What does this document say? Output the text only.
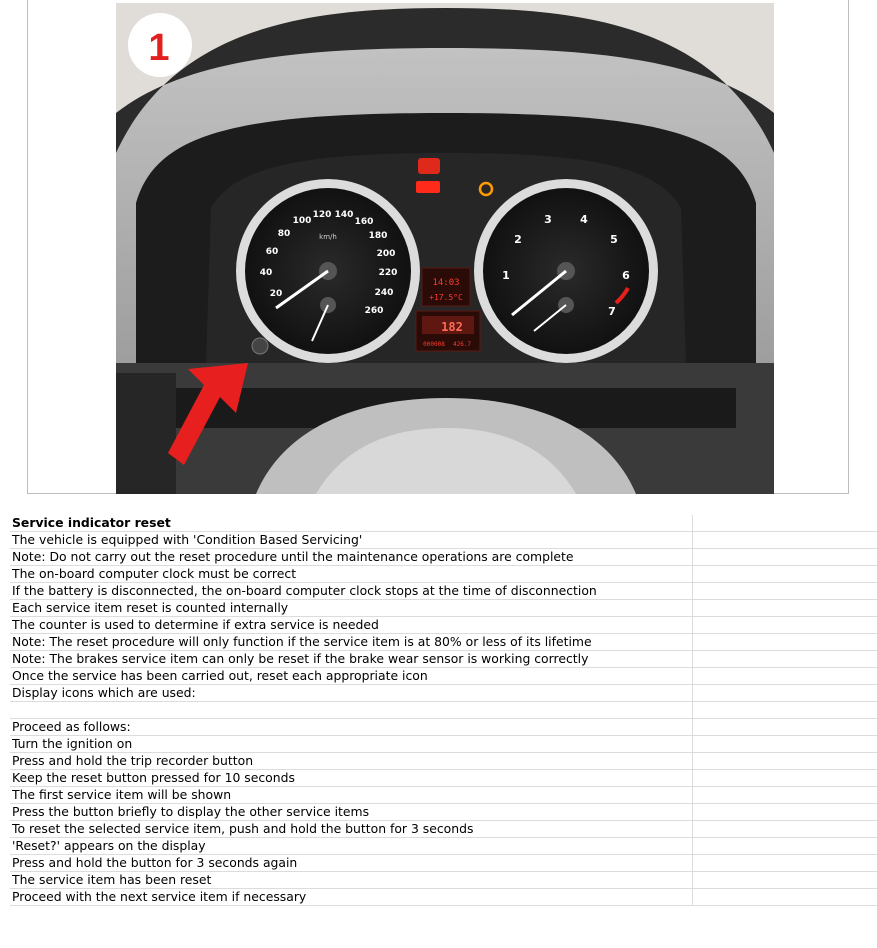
20
40
60
80
100
120 140
160
180
200
220
240
260
km/h
1
2
3	4
5
6
7
14:03
+17.5°C
182
000008 426.7
1
Service indicator reset
The vehicle is equipped with 'Condition Based Servicing'
Note: Do not carry out the reset procedure until the maintenance operations are complete
The on-board computer clock must be correct
If the battery is disconnected, the on-board computer clock stops at the time of disconnection
Each service item reset is counted internally
The counter is used to determine if extra service is needed
Note: The reset procedure will only function if the service item is at 80% or less of its lifetime
Note: The brakes service item can only be reset if the brake wear sensor is working correctly
Once the service has been carried out, reset each appropriate icon
Display icons which are used:
Proceed as follows:
Turn the ignition on
Press and hold the trip recorder button
Keep the reset button pressed for 10 seconds
The first service item will be shown
Press the button briefly to display the other service items
To reset the selected service item, push and hold the button for 3 seconds
'Reset?' appears on the display
Press and hold the button for 3 seconds again
The service item has been reset
Proceed with the next service item if necessary
